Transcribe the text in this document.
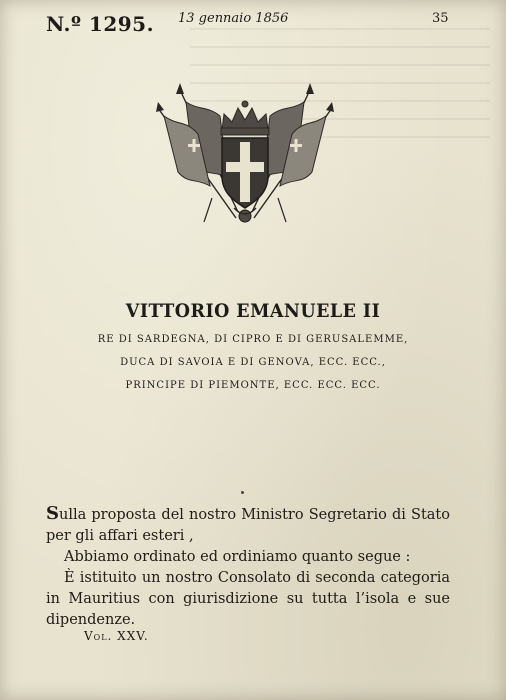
N.º 1295. 13 gennaio 1856	35
VITTORIO EMANUELE II
RE DI SARDEGNA, DI CIPRO E DI GERUSALEMME,
DUCA DI SAVOIA E DI GENOVA, ECC. ECC.,
PRINCIPE DI PIEMONTE, ECC. ECC. ECC.

Sulla proposta del nostro Ministro Segretario di Stato per gli affari esteri ,

Abbiamo ordinato ed ordiniamo quanto segue :

È istituito un nostro Consolato di seconda categoria in Mauritius con giurisdizione su tutta l’isola e sue dipendenze.

Vol. XXV.
